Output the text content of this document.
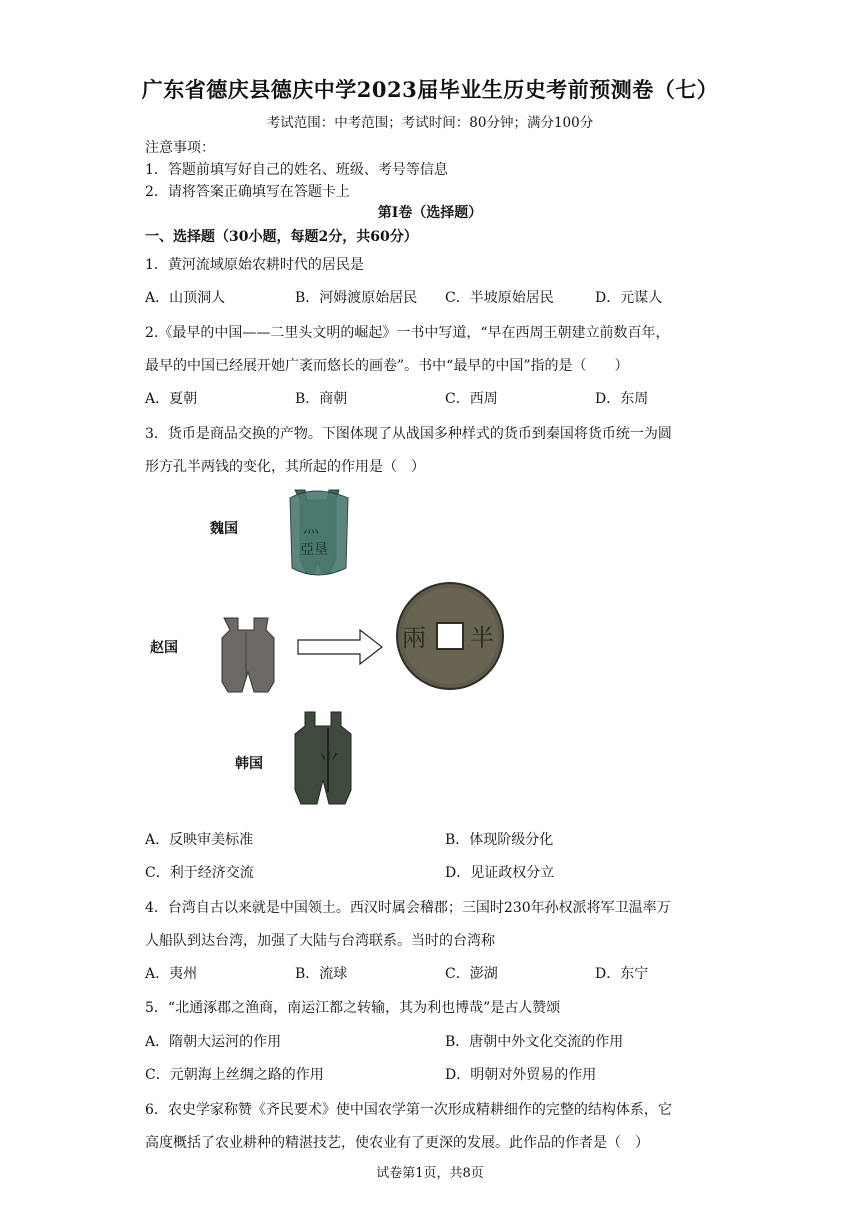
广东省德庆县德庆中学2023届毕业生历史考前预测卷（七）
考试范围：中考范围；考试时间：80分钟；满分100分
注意事项：
1．答题前填写好自己的姓名、班级、考号等信息
2．请将答案正确填写在答题卡上
第I卷（选择题）
一、选择题（30小题，每题2分，共60分）
1．黄河流域原始农耕时代的居民是
A．山顶洞人	B．河姆渡原始居民 C．半坡原始居民	D．元谋人
2.《最早的中国——二里头文明的崛起》一书中写道，“早在西周王朝建立前数百年，
最早的中国已经展开她广袤而悠长的画卷”。书中“最早的中国”指的是（　　）
A．夏朝	B．商朝	C．西周	D．东周
3．货币是商品交换的产物。下图体现了从战国多种样式的货币到秦国将货币统一为圆
形方孔半两钱的变化，其所起的作用是（　）
魏国
赵国
韩国
灬
亞垦
兩 半
⺌
A．反映审美标准	B．体现阶级分化
C．利于经济交流	D．见证政权分立
4．台湾自古以来就是中国领土。西汉时属会稽郡；三国时230年孙权派将军卫温率万
人船队到达台湾，加强了大陆与台湾联系。当时的台湾称
A．夷州	B．流球	C．澎湖	D．东宁
5．“北通涿郡之渔商，南运江都之转输，其为利也博哉”是古人赞颂
A．隋朝大运河的作用	B．唐朝中外文化交流的作用
C．元朝海上丝绸之路的作用	D．明朝对外贸易的作用
6．农史学家称赞《齐民要术》使中国农学第一次形成精耕细作的完整的结构体系，它
高度概括了农业耕种的精湛技艺，使农业有了更深的发展。此作品的作者是（　）
试卷第1页，共8页
